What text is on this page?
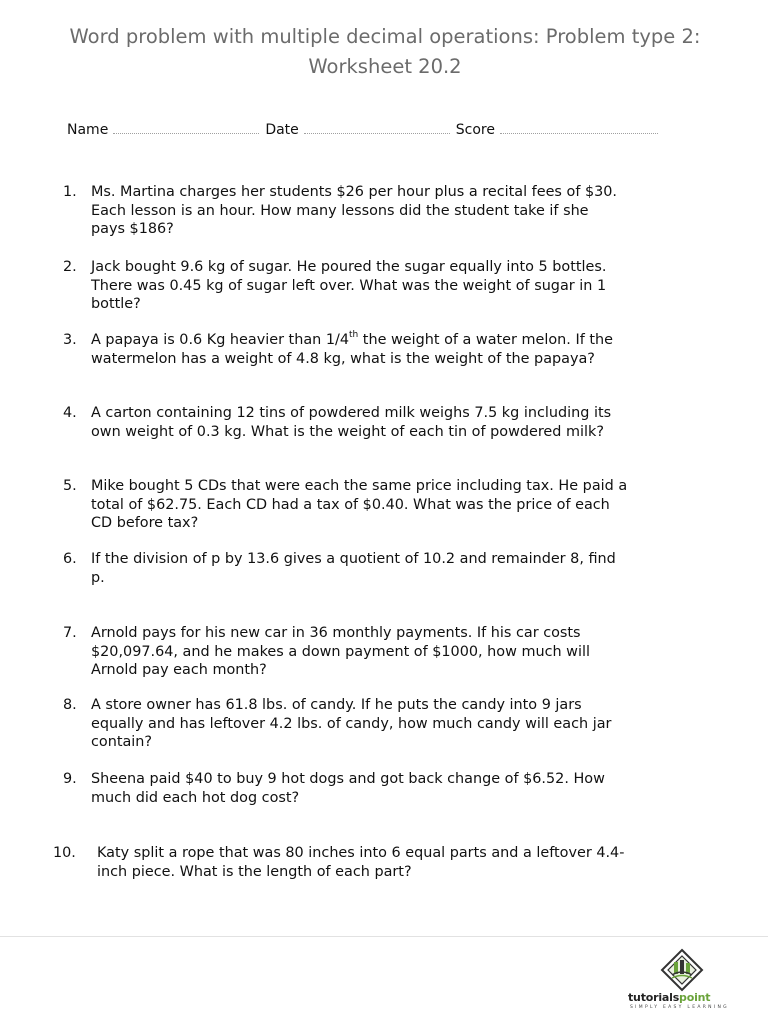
Word problem with multiple decimal operations: Problem type 2:
Worksheet 20.2
Name	Date	Score
1. Ms. Martina charges her students $26 per hour plus a recital fees of $30.
Each lesson is an hour. How many lessons did the student take if she
pays $186?
2. Jack bought 9.6 kg of sugar. He poured the sugar equally into 5 bottles.
There was 0.45 kg of sugar left over. What was the weight of sugar in 1
bottle?
3. A papaya is 0.6 Kg heavier than 1/4th the weight of a water melon. If the
watermelon has a weight of 4.8 kg, what is the weight of the papaya?
4. A carton containing 12 tins of powdered milk weighs 7.5 kg including its
own weight of 0.3 kg. What is the weight of each tin of powdered milk?
5. Mike bought 5 CDs that were each the same price including tax. He paid a
total of $62.75. Each CD had a tax of $0.40. What was the price of each
CD before tax?
6. If the division of p by 13.6 gives a quotient of 10.2 and remainder 8, find
p.
7. Arnold pays for his new car in 36 monthly payments. If his car costs
$20,097.64, and he makes a down payment of $1000, how much will
Arnold pay each month?
8. A store owner has 61.8 lbs. of candy. If he puts the candy into 9 jars
equally and has leftover 4.2 lbs. of candy, how much candy will each jar
contain?
9. Sheena paid $40 to buy 9 hot dogs and got back change of $6.52. How
much did each hot dog cost?
10. Katy split a rope that was 80 inches into 6 equal parts and a leftover 4.4-
inch piece. What is the length of each part?
tutorialspoint
SIMPLY EASY LEARNING
